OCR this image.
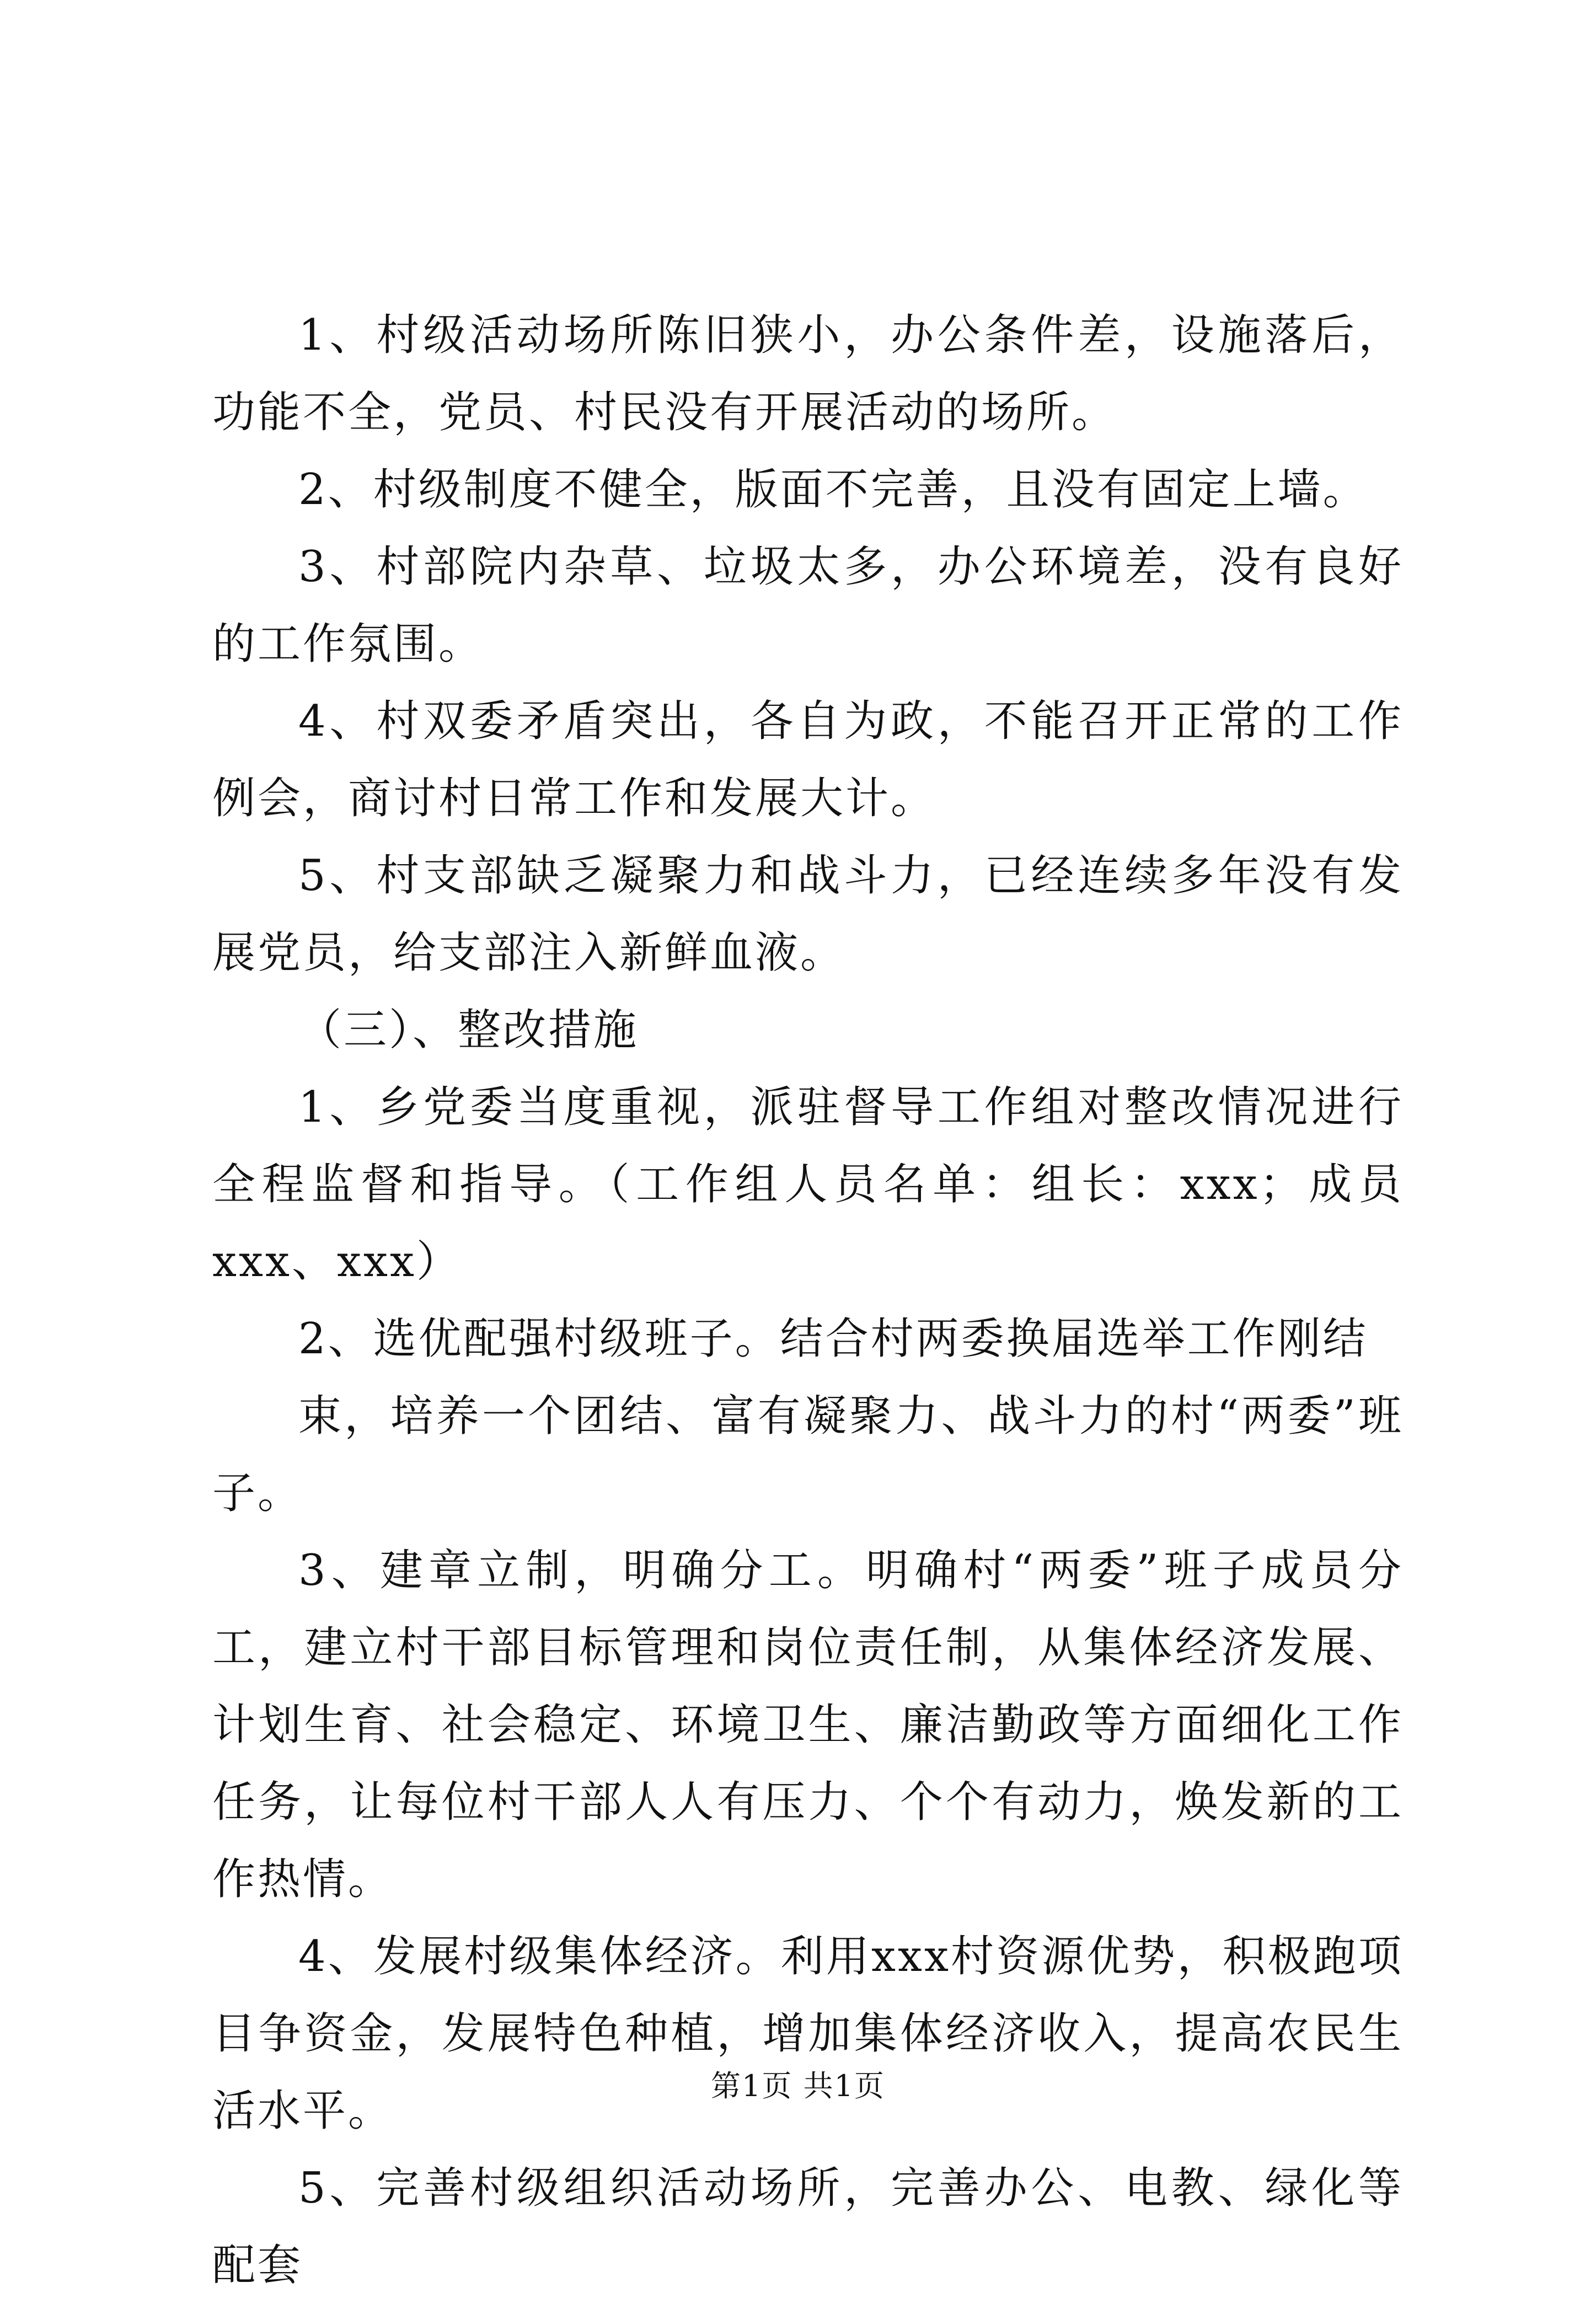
1、村级活动场所陈旧狭小，办公条件差，设施落后，功能不全，党员、村民没有开展活动的场所。

2、村级制度不健全，版面不完善，且没有固定上墙。

3、村部院内杂草、垃圾太多，办公环境差，没有良好的工作氛围。

4、村双委矛盾突出，各自为政，不能召开正常的工作例会，商讨村日常工作和发展大计。

5、村支部缺乏凝聚力和战斗力，已经连续多年没有发展党员，给支部注入新鲜血液。

（三）、整改措施

1、乡党委当度重视，派驻督导工作组对整改情况进行全程监督和指导。（工作组人员名单：组长：xxx；成员xxx、xxx）

2、选优配强村级班子。结合村两委换届选举工作刚结

束，培养一个团结、富有凝聚力、战斗力的村“两委”班子。

3、建章立制，明确分工。明确村“两委”班子成员分工，建立村干部目标管理和岗位责任制，从集体经济发展、计划生育、社会稳定、环境卫生、廉洁勤政等方面细化工作任务，让每位村干部人人有压力、个个有动力，焕发新的工作热情。

4、发展村级集体经济。利用xxx村资源优势，积极跑项目争资金，发展特色种植，增加集体经济收入，提高农民生活水平。

5、完善村级组织活动场所，完善办公、电教、绿化等配套

第1页 共1页
